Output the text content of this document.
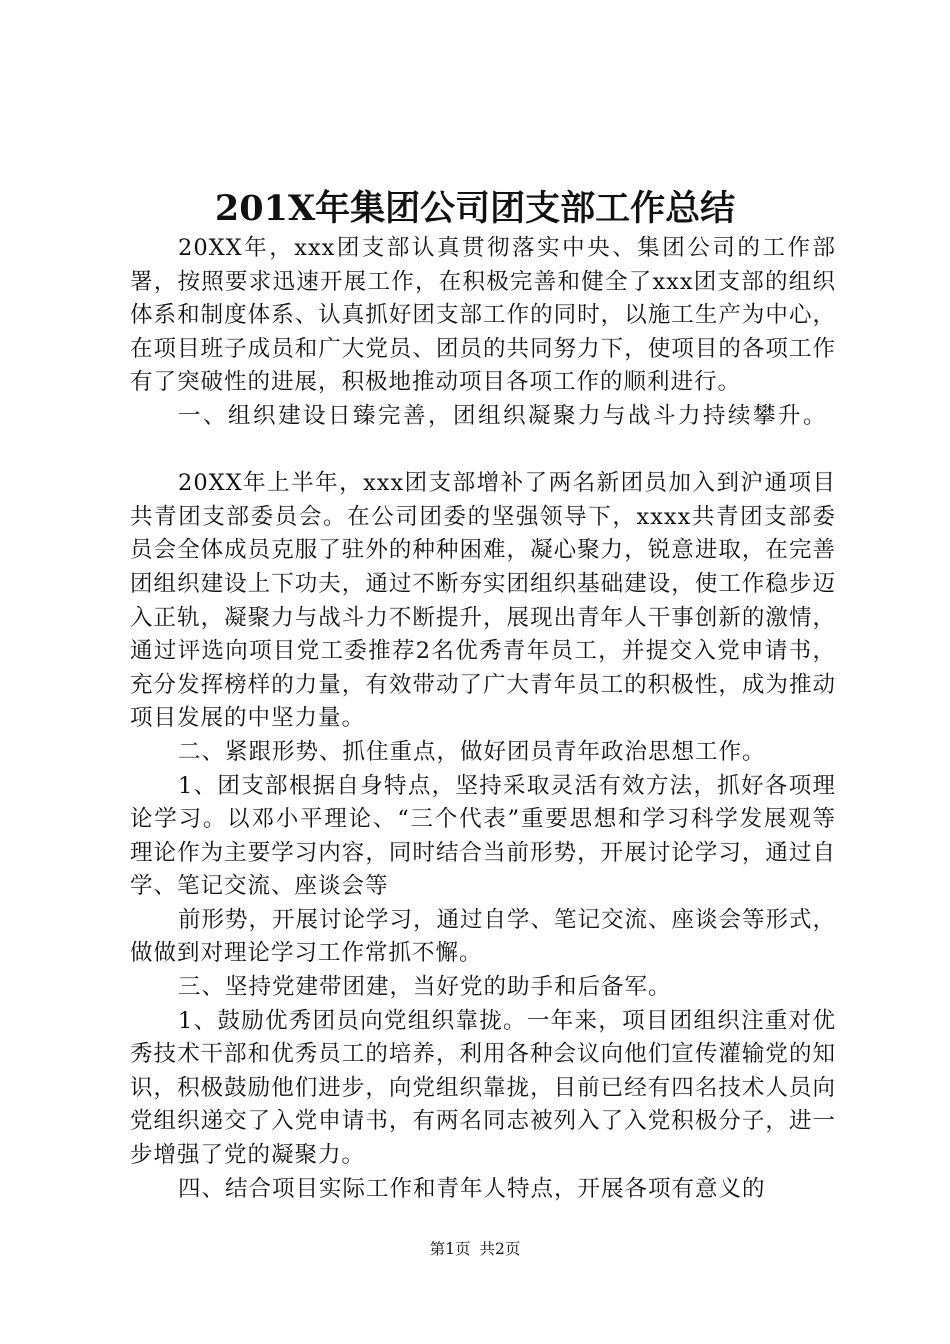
201X年集团公司团支部工作总结

20XX年，xxx团支部认真贯彻落实中央、集团公司的工作部署，按照要求迅速开展工作，在积极完善和健全了xxx团支部的组织体系和制度体系、认真抓好团支部工作的同时，以施工生产为中心，在项目班子成员和广大党员、团员的共同努力下，使项目的各项工作有了突破性的进展，积极地推动项目各项工作的顺利进行。

一、组织建设日臻完善，团组织凝聚力与战斗力持续攀升。

20XX年上半年，xxx团支部增补了两名新团员加入到沪通项目共青团支部委员会。在公司团委的坚强领导下，xxxx共青团支部委员会全体成员克服了驻外的种种困难，凝心聚力，锐意进取，在完善团组织建设上下功夫，通过不断夯实团组织基础建设，使工作稳步迈入正轨，凝聚力与战斗力不断提升，展现出青年人干事创新的激情，通过评选向项目党工委推荐2名优秀青年员工，并提交入党申请书，充分发挥榜样的力量，有效带动了广大青年员工的积极性，成为推动项目发展的中坚力量。

二、紧跟形势、抓住重点，做好团员青年政治思想工作。

1、团支部根据自身特点，坚持采取灵活有效方法，抓好各项理论学习。以邓小平理论、“三个代表”重要思想和学习科学发展观等理论作为主要学习内容，同时结合当前形势，开展讨论学习，通过自学、笔记交流、座谈会等

前形势，开展讨论学习，通过自学、笔记交流、座谈会等形式，做做到对理论学习工作常抓不懈。

三、坚持党建带团建，当好党的助手和后备军。

1、鼓励优秀团员向党组织靠拢。一年来，项目团组织注重对优秀技术干部和优秀员工的培养，利用各种会议向他们宣传灌输党的知识，积极鼓励他们进步，向党组织靠拢，目前已经有四名技术人员向党组织递交了入党申请书，有两名同志被列入了入党积极分子，进一步增强了党的凝聚力。

四、结合项目实际工作和青年人特点，开展各项有意义的

第1页 共2页
